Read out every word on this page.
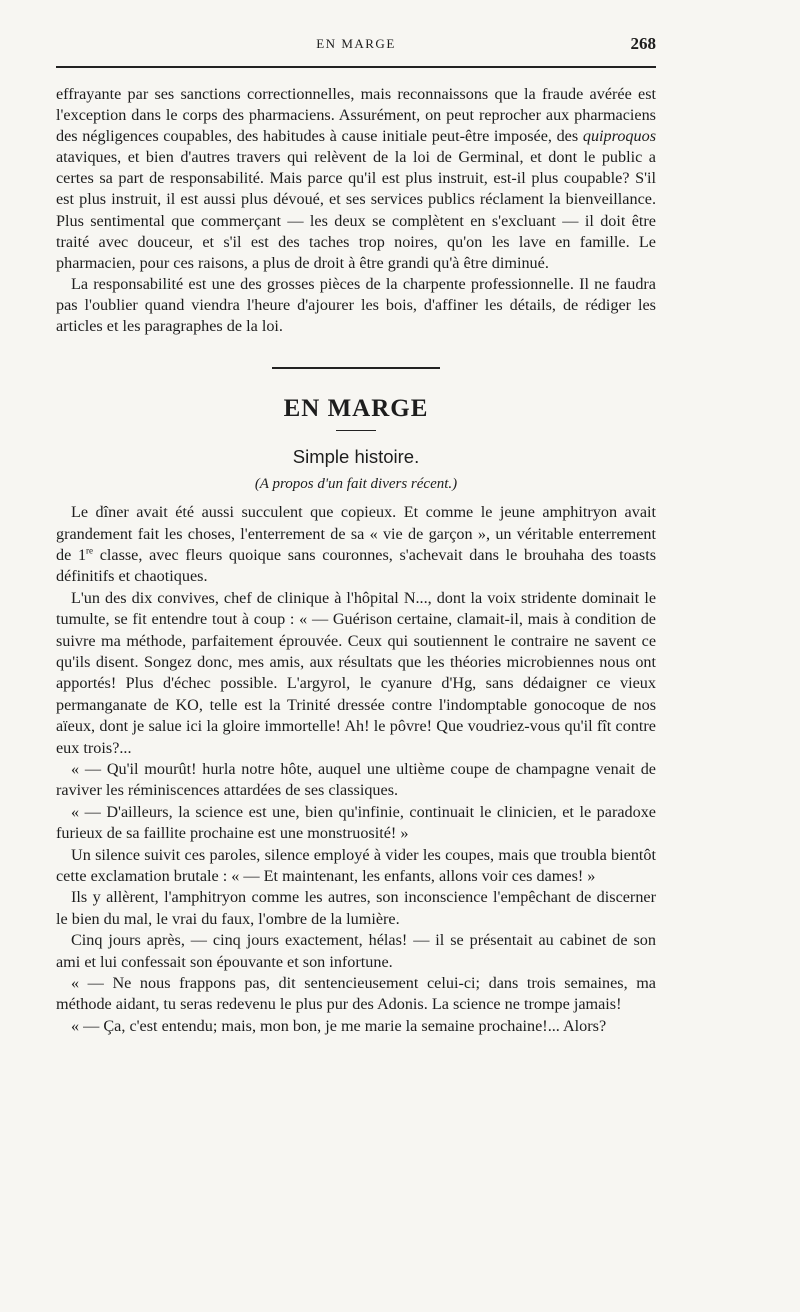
EN MARGE	268

effrayante par ses sanctions correctionnelles, mais reconnaissons que la fraude avérée est l'exception dans le corps des pharmaciens. Assurément, on peut reprocher aux pharmaciens des négligences coupables, des habitudes à cause initiale peut-être imposée, des quiproquos ataviques, et bien d'autres travers qui relèvent de la loi de Germinal, et dont le public a certes sa part de responsabilité. Mais parce qu'il est plus instruit, est-il plus coupable? S'il est plus instruit, il est aussi plus dévoué, et ses services publics réclament la bienveillance. Plus sentimental que commerçant — les deux se complètent en s'excluant — il doit être traité avec douceur, et s'il est des taches trop noires, qu'on les lave en famille. Le pharmacien, pour ces raisons, a plus de droit à être grandi qu'à être diminué.

La responsabilité est une des grosses pièces de la charpente professionnelle. Il ne faudra pas l'oublier quand viendra l'heure d'ajourer les bois, d'affiner les détails, de rédiger les articles et les paragraphes de la loi.

EN MARGE
Simple histoire.
(A propos d'un fait divers récent.)

Le dîner avait été aussi succulent que copieux. Et comme le jeune amphitryon avait grandement fait les choses, l'enterrement de sa « vie de garçon », un véritable enterrement de 1re classe, avec fleurs quoique sans couronnes, s'achevait dans le brouhaha des toasts définitifs et chaotiques.

L'un des dix convives, chef de clinique à l'hôpital N..., dont la voix stridente dominait le tumulte, se fit entendre tout à coup : « — Guérison certaine, clamait-il, mais à condition de suivre ma méthode, parfaitement éprouvée. Ceux qui soutiennent le contraire ne savent ce qu'ils disent. Songez donc, mes amis, aux résultats que les théories microbiennes nous ont apportés! Plus d'échec possible. L'argyrol, le cyanure d'Hg, sans dédaigner ce vieux permanganate de KO, telle est la Trinité dressée contre l'indomptable gonocoque de nos aïeux, dont je salue ici la gloire immortelle! Ah! le pôvre! Que voudriez-vous qu'il fît contre eux trois?...

« — Qu'il mourût! hurla notre hôte, auquel une ultième coupe de champagne venait de raviver les réminiscences attardées de ses classiques.

« — D'ailleurs, la science est une, bien qu'infinie, continuait le clinicien, et le paradoxe furieux de sa faillite prochaine est une monstruosité! »

Un silence suivit ces paroles, silence employé à vider les coupes, mais que troubla bientôt cette exclamation brutale : « — Et maintenant, les enfants, allons voir ces dames! »

Ils y allèrent, l'amphitryon comme les autres, son inconscience l'empêchant de discerner le bien du mal, le vrai du faux, l'ombre de la lumière.

Cinq jours après, — cinq jours exactement, hélas! — il se présentait au cabinet de son ami et lui confessait son épouvante et son infortune.

« — Ne nous frappons pas, dit sentencieusement celui-ci; dans trois semaines, ma méthode aidant, tu seras redevenu le plus pur des Adonis. La science ne trompe jamais!

« — Ça, c'est entendu; mais, mon bon, je me marie la semaine prochaine!... Alors?
